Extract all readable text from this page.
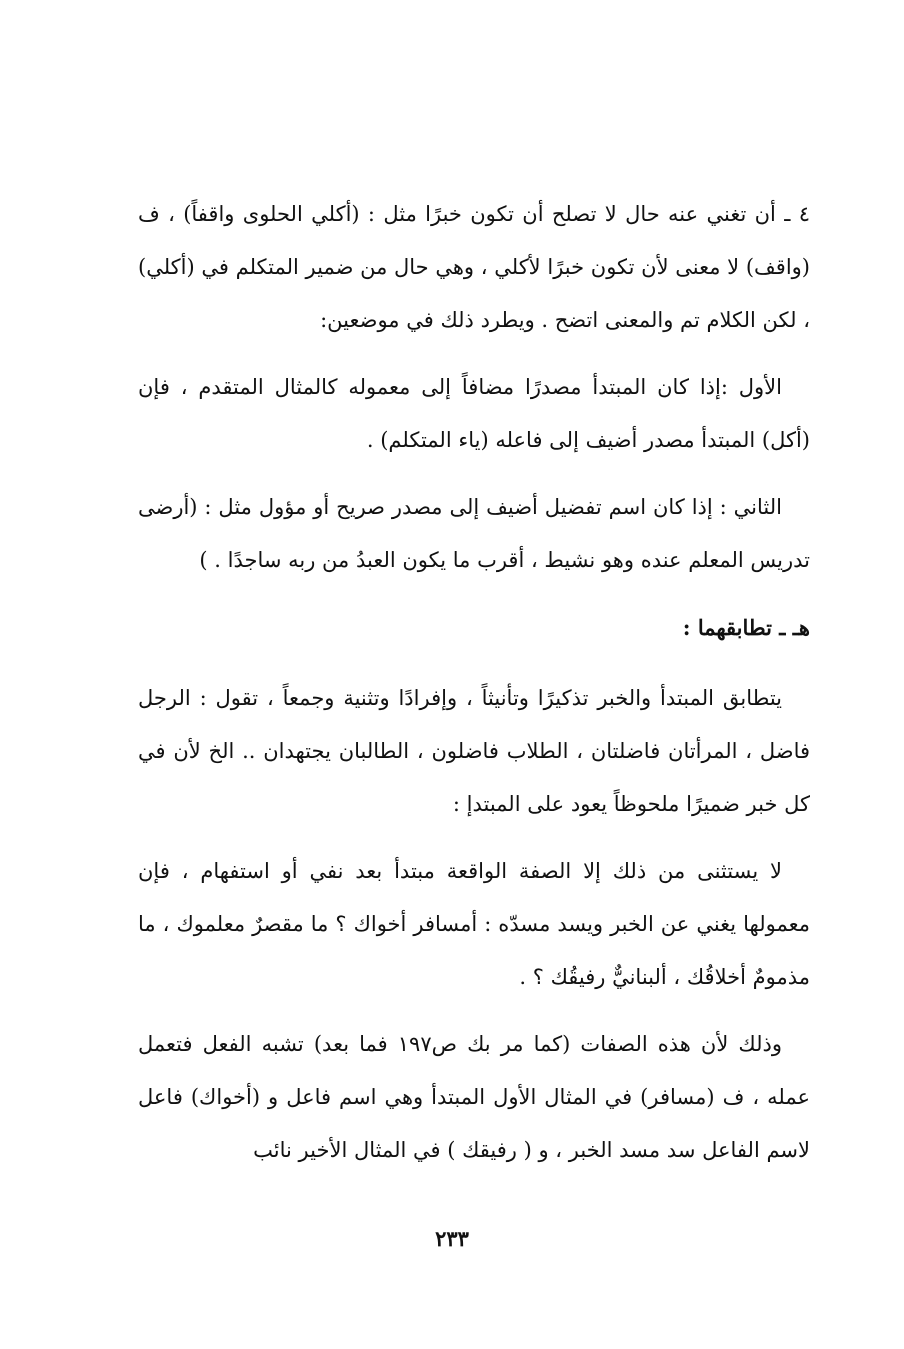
٤ ـ أن تغني عنه حال لا تصلح أن تكون خبرًا مثل : (أكلي الحلوى واقفاً) ، ف (واقف) لا معنى لأن تكون خبرًا لأكلي ، وهي حال من ضمير المتكلم في (أكلي) ، لكن الكلام تم والمعنى اتضح . ويطرد ذلك في موضعين:

الأول :إذا كان المبتدأ مصدرًا مضافاً إلى معموله كالمثال المتقدم ، فإن (أكل) المبتدأ مصدر أضيف إلى فاعله (ياء المتكلم) .

الثاني : إذا كان اسم تفضيل أضيف إلى مصدر صريح أو مؤول مثل : (أرضى تدريس المعلم عنده وهو نشيط ، أقرب ما يكون العبدُ من ربه ساجدًا . )

هـ ـ تطابقهما :

يتطابق المبتدأ والخبر تذكيرًا وتأنيثاً ، وإفرادًا وتثنية وجمعاً ، تقول : الرجل فاضل ، المرأتان فاضلتان ، الطلاب فاضلون ، الطالبان يجتهدان .. الخ لأن في كل خبر ضميرًا ملحوظاً يعود على المبتدإ :

لا يستثنى من ذلك إلا الصفة الواقعة مبتدأ بعد نفي أو استفهام ، فإن معمولها يغني عن الخبر ويسد مسدّه : أمسافر أخواك ؟ ما مقصرٌ معلموك ، ما مذمومٌ أخلاقُك ، ألبنانيٌّ رفيقُك ؟ .

وذلك لأن هذه الصفات (كما مر بك ص١٩٧ فما بعد) تشبه الفعل فتعمل عمله ، ف (مسافر) في المثال الأول المبتدأ وهي اسم فاعل و (أخواك) فاعل لاسم الفاعل سد مسد الخبر ، و ( رفيقك ) في المثال الأخير نائب

٢٣٣
